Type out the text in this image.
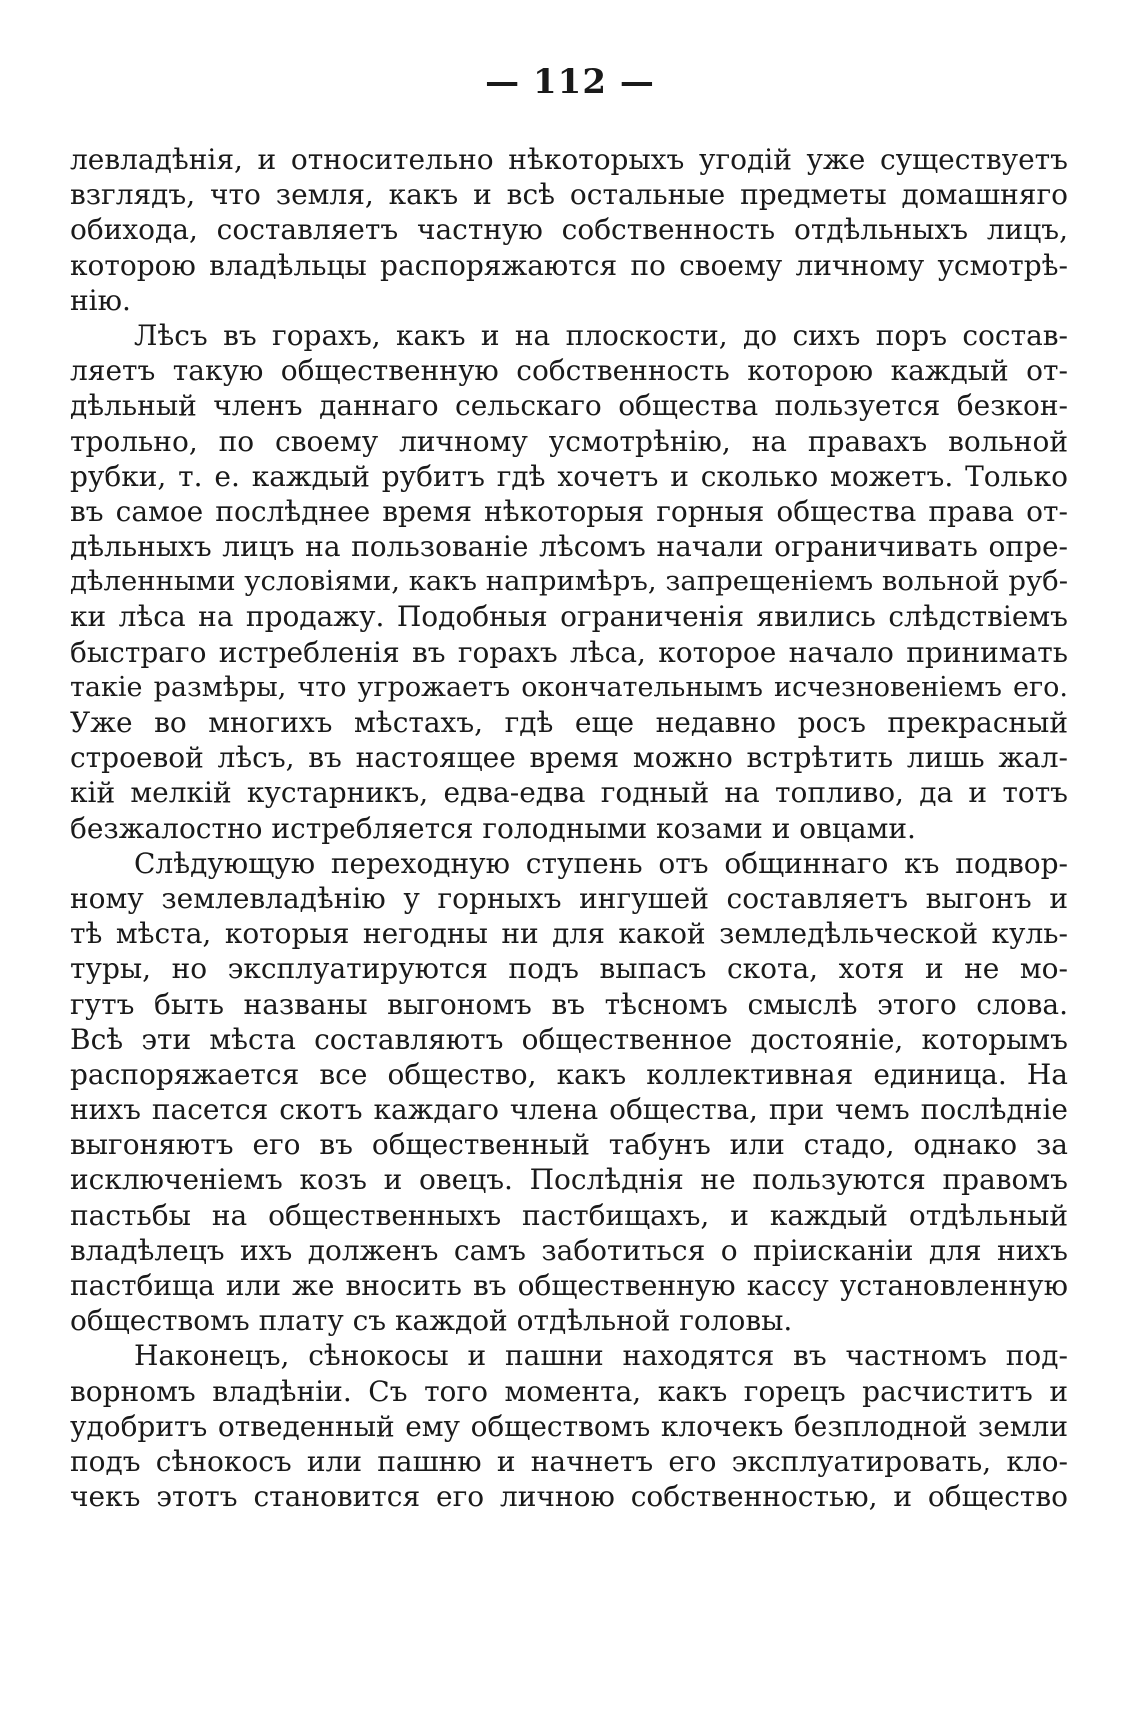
— 112 —
левладѣнія, и относительно нѣкоторыхъ угодій уже существуетъ
взглядъ, что земля, какъ и всѣ остальные предметы домашняго
обихода, составляетъ частную собственность отдѣльныхъ лицъ,
которою владѣльцы распоряжаются по своему личному усмотрѣ-
нію.
Лѣсъ въ горахъ, какъ и на плоскости, до сихъ поръ состав-
ляетъ такую общественную собственность которою каждый от-
дѣльный членъ даннаго сельскаго общества пользуется безкон-
трольно, по своему личному усмотрѣнію, на правахъ вольной
рубки, т. е. каждый рубитъ гдѣ хочетъ и сколько можетъ. Только
въ самое послѣднее время нѣкоторыя горныя общества права от-
дѣльныхъ лицъ на пользованіе лѣсомъ начали ограничивать опре-
дѣленными условіями, какъ напримѣръ, запрещеніемъ вольной руб-
ки лѣса на продажу. Подобныя ограниченія явились слѣдствіемъ
быстраго истребленія въ горахъ лѣса, которое начало принимать
такіе размѣры, что угрожаетъ окончательнымъ исчезновеніемъ его.
Уже во многихъ мѣстахъ, гдѣ еще недавно росъ прекрасный
строевой лѣсъ, въ настоящее время можно встрѣтить лишь жал-
кій мелкій кустарникъ, едва-едва годный на топливо, да и тотъ
безжалостно истребляется голодными козами и овцами.
Слѣдующую переходную ступень отъ общиннаго къ подвор-
ному землевладѣнію у горныхъ ингушей составляетъ выгонъ и
тѣ мѣста, которыя негодны ни для какой земледѣльческой куль-
туры, но эксплуатируются подъ выпасъ скота, хотя и не мо-
гутъ быть названы выгономъ въ тѣсномъ смыслѣ этого слова.
Всѣ эти мѣста составляютъ общественное достояніе, которымъ
распоряжается все общество, какъ коллективная единица. На
нихъ пасется скотъ каждаго члена общества, при чемъ послѣдніе
выгоняютъ его въ общественный табунъ или стадо, однако за
исключеніемъ козъ и овецъ. Послѣднія не пользуются правомъ
пастьбы на общественныхъ пастбищахъ, и каждый отдѣльный
владѣлецъ ихъ долженъ самъ заботиться о прiисканіи для нихъ
пастбища или же вносить въ общественную кассу установленную
обществомъ плату съ каждой отдѣльной головы.
Наконецъ, сѣнокосы и пашни находятся въ частномъ под-
ворномъ владѣніи. Съ того момента, какъ горецъ расчиститъ и
удобритъ отведенный ему обществомъ клочекъ безплодной земли
подъ сѣнокосъ или пашню и начнетъ его эксплуатировать, кло-
чекъ этотъ становится его личною собственностью, и общество
